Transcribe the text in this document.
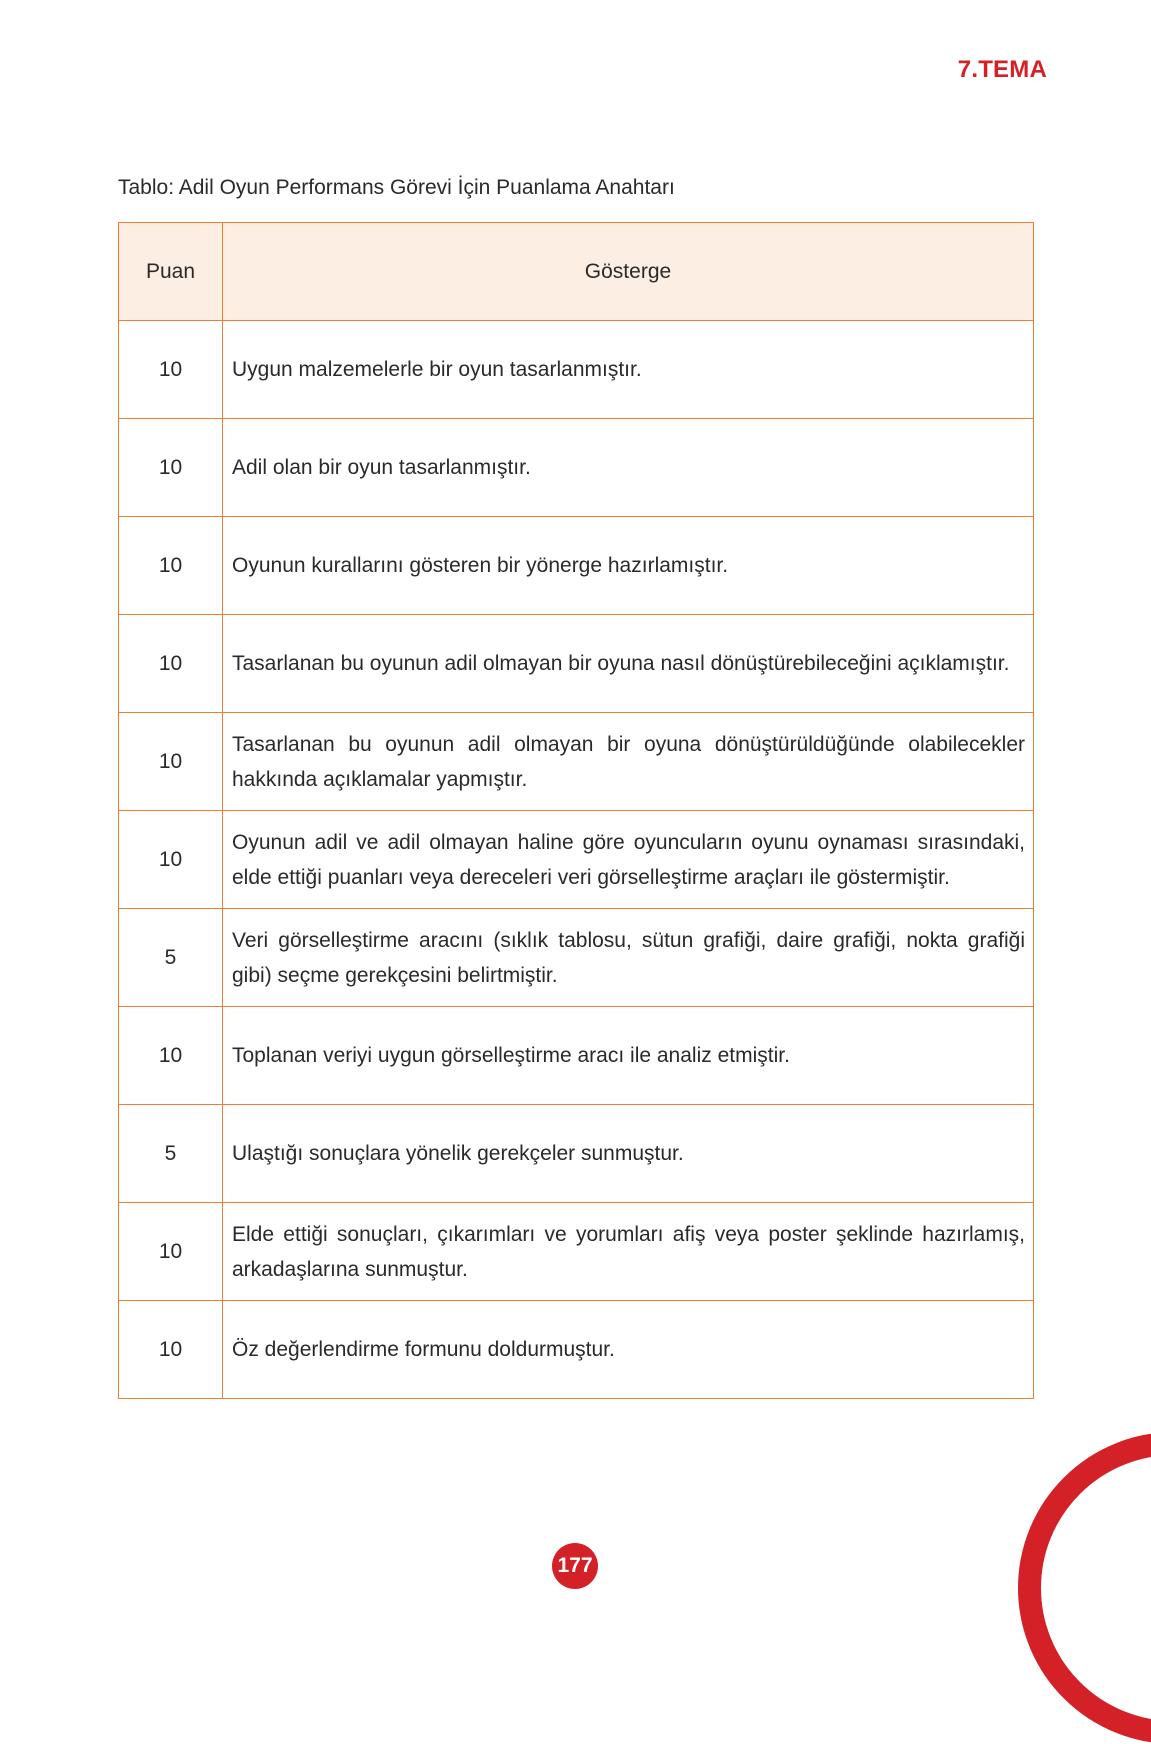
7.TEMA
Tablo: Adil Oyun Performans Görevi İçin Puanlama Anahtarı
Puan	Gösterge
10	Uygun malzemelerle bir oyun tasarlanmıştır.
10	Adil olan bir oyun tasarlanmıştır.
10	Oyunun kurallarını gösteren bir yönerge hazırlamıştır.
10	Tasarlanan bu oyunun adil olmayan bir oyuna nasıl dönüştürebileceğini açıklamıştır.
10	Tasarlanan bu oyunun adil olmayan bir oyuna dönüştürüldüğünde olabilecekler hakkında açıklamalar yapmıştır.
10	Oyunun adil ve adil olmayan haline göre oyuncuların oyunu oynaması sırasındaki, elde ettiği puanları veya dereceleri veri görselleştirme araçları ile göstermiştir.
5	Veri görselleştirme aracını (sıklık tablosu, sütun grafiği, daire grafiği, nokta grafiği gibi) seçme gerekçesini belirtmiştir.
10	Toplanan veriyi uygun görselleştirme aracı ile analiz etmiştir.
5	Ulaştığı sonuçlara yönelik gerekçeler sunmuştur.
10	Elde ettiği sonuçları, çıkarımları ve yorumları afiş veya poster şeklinde hazırlamış, arkadaşlarına sunmuştur.
10	Öz değerlendirme formunu doldurmuştur.
177
